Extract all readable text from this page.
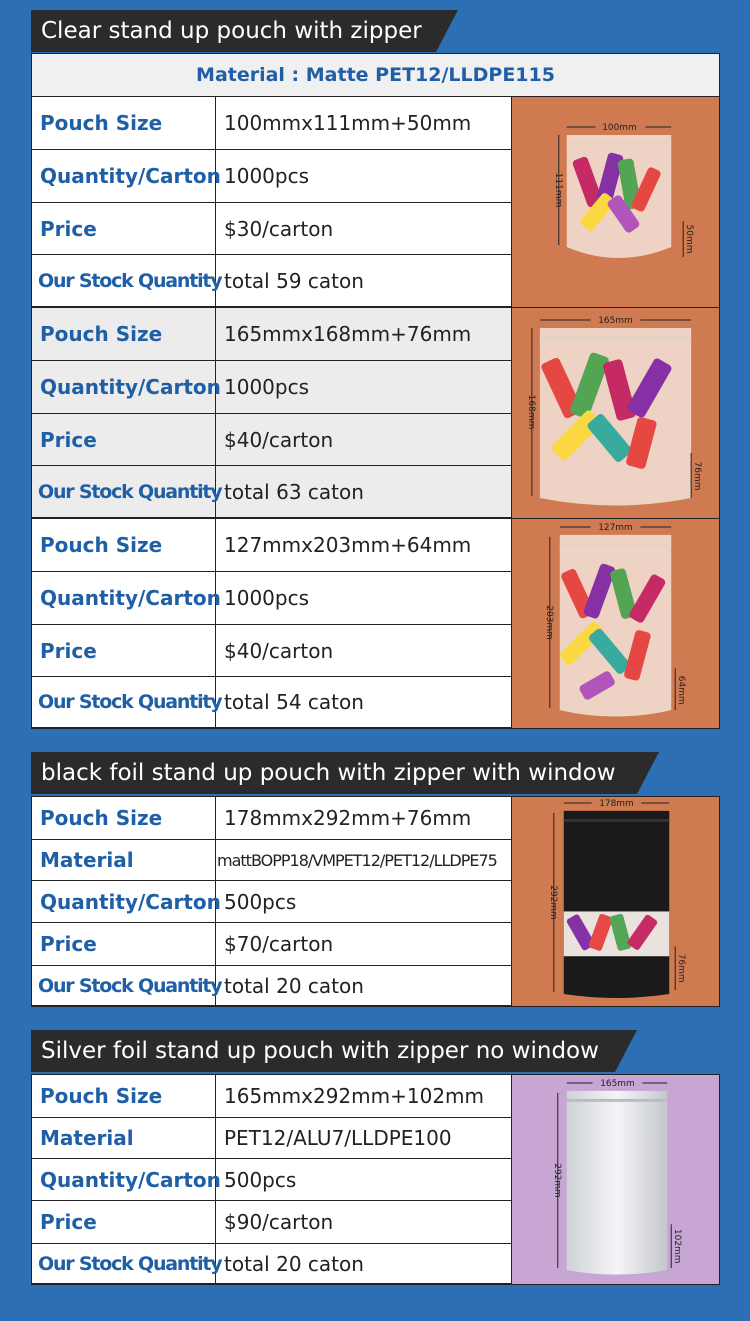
Clear stand up pouch with zipper
Material : Matte PET12/LLDPE115
Pouch Size	100mmx111mm+50mm
Quantity/Carton 1000pcs
Price	$30/carton
Our Stock Quantity total 59 caton
100mm
111mm
50mm
Pouch Size	165mmx168mm+76mm
Quantity/Carton 1000pcs
Price	$40/carton
Our Stock Quantity total 63 caton
165mm
168mm
76mm
Pouch Size	127mmx203mm+64mm
Quantity/Carton 1000pcs
Price	$40/carton
Our Stock Quantity total 54 caton
127mm
203mm
64mm
black foil stand up pouch with zipper with window
Pouch Size	178mmx292mm+76mm
Material	mattBOPP18/VMPET12/PET12/LLDPE75
Quantity/Carton 500pcs
Price	$70/carton
Our Stock Quantity total 20 caton
178mm
292mm
76mm
Silver foil stand up pouch with zipper no window
Pouch Size	165mmx292mm+102mm
Material	PET12/ALU7/LLDPE100
Quantity/Carton 500pcs
Price	$90/carton
Our Stock Quantity total 20 caton
165mm
292mm
102mm
